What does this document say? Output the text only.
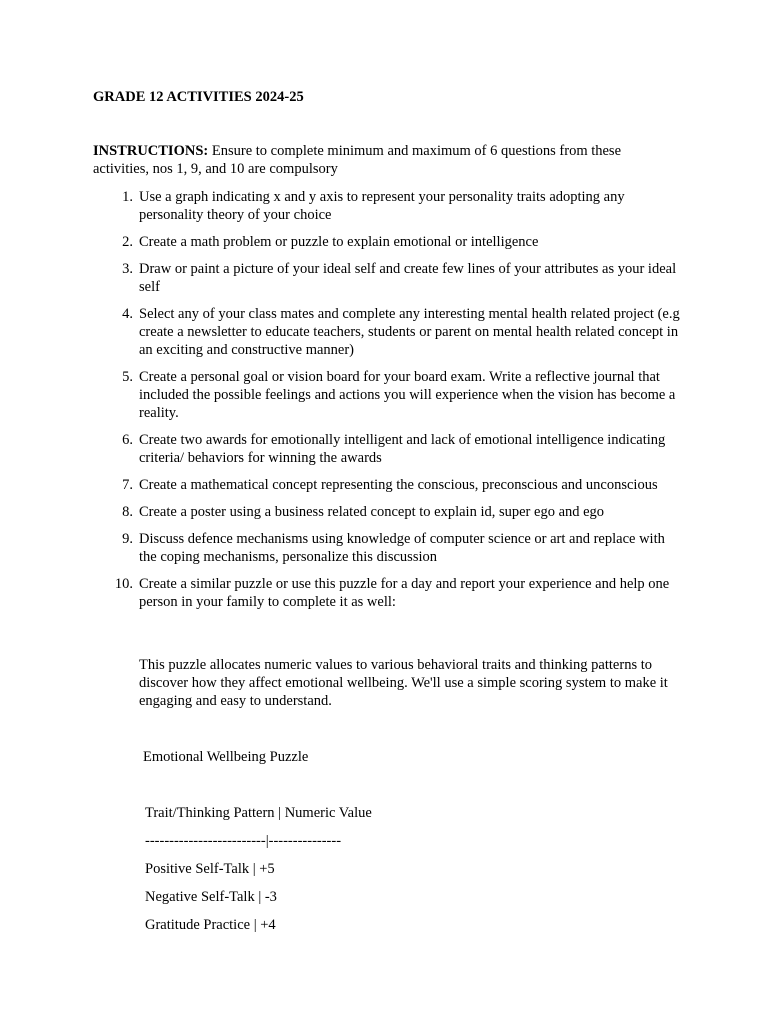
GRADE 12 ACTIVITIES 2024-25

INSTRUCTIONS: Ensure to complete minimum and maximum of 6 questions from these activities, nos 1, 9, and 10 are compulsory

1. Use a graph indicating x and y axis to represent your personality traits adopting any personality theory of your choice
2. Create a math problem or puzzle to explain emotional or intelligence
3. Draw or paint a picture of your ideal self and create few lines of your attributes as your ideal self
4. Select any of your class mates and complete any interesting mental health related project (e.g create a newsletter to educate teachers, students or parent on mental health related concept in an exciting and constructive manner)
5. Create a personal goal or vision board for your board exam. Write a reflective journal that included the possible feelings and actions you will experience when the vision has become a reality.
6. Create two awards for emotionally intelligent and lack of emotional intelligence indicating criteria/ behaviors for winning the awards
7. Create a mathematical concept representing the conscious, preconscious and unconscious
8. Create a poster using a business related concept to explain id, super ego and ego
9. Discuss defence mechanisms using knowledge of computer science or art and replace with the coping mechanisms, personalize this discussion
10. Create a similar puzzle or use this puzzle for a day and report your experience and help one person in your family to complete it as well:

This puzzle allocates numeric values to various behavioral traits and thinking patterns to discover how they affect emotional wellbeing. We'll use a simple scoring system to make it engaging and easy to understand.

Emotional Wellbeing Puzzle

Trait/Thinking Pattern | Numeric Value

-------------------------|---------------

Positive Self-Talk | +5

Negative Self-Talk | -3

Gratitude Practice | +4
